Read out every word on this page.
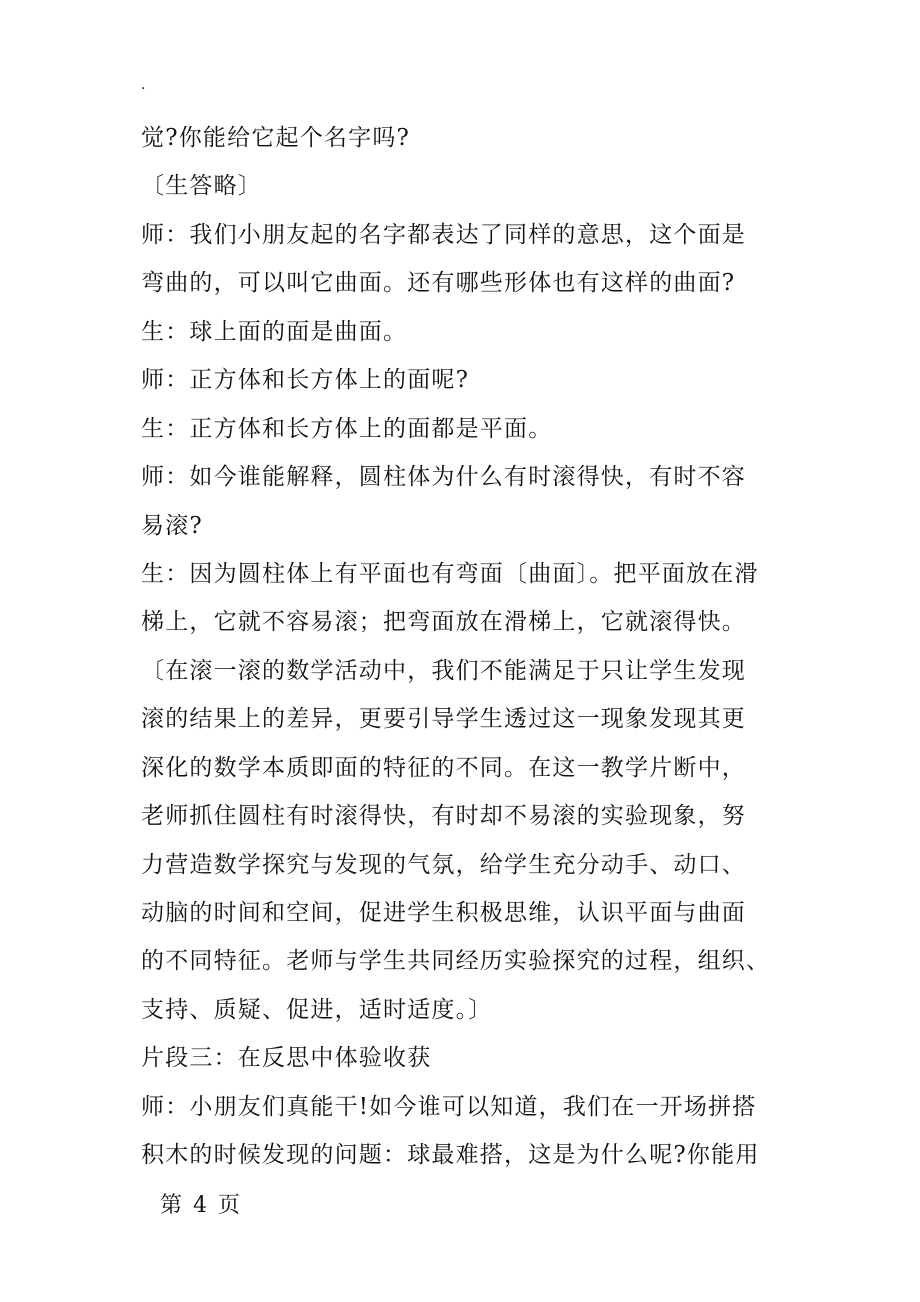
.
觉?你能给它起个名字吗?
〔生答略〕
师：我们小朋友起的名字都表达了同样的意思，这个面是
弯曲的，可以叫它曲面。还有哪些形体也有这样的曲面?
生：球上面的面是曲面。
师：正方体和长方体上的面呢?
生：正方体和长方体上的面都是平面。
师：如今谁能解释，圆柱体为什么有时滚得快，有时不容
易滚?
生：因为圆柱体上有平面也有弯面〔曲面〕。把平面放在滑
梯上，它就不容易滚；把弯面放在滑梯上，它就滚得快。
〔在滚一滚的数学活动中，我们不能满足于只让学生发现
滚的结果上的差异，更要引导学生透过这一现象发现其更
深化的数学本质即面的特征的不同。在这一教学片断中，
老师抓住圆柱有时滚得快，有时却不易滚的实验现象，努
力营造数学探究与发现的气氛，给学生充分动手、动口、
动脑的时间和空间，促进学生积极思维，认识平面与曲面
的不同特征。老师与学生共同经历实验探究的过程，组织、
支持、质疑、促进，适时适度。〕
片段三：在反思中体验收获
师：小朋友们真能干!如今谁可以知道，我们在一开场拼搭
积木的时候发现的问题：球最难搭，这是为什么呢?你能用
第 4 页
